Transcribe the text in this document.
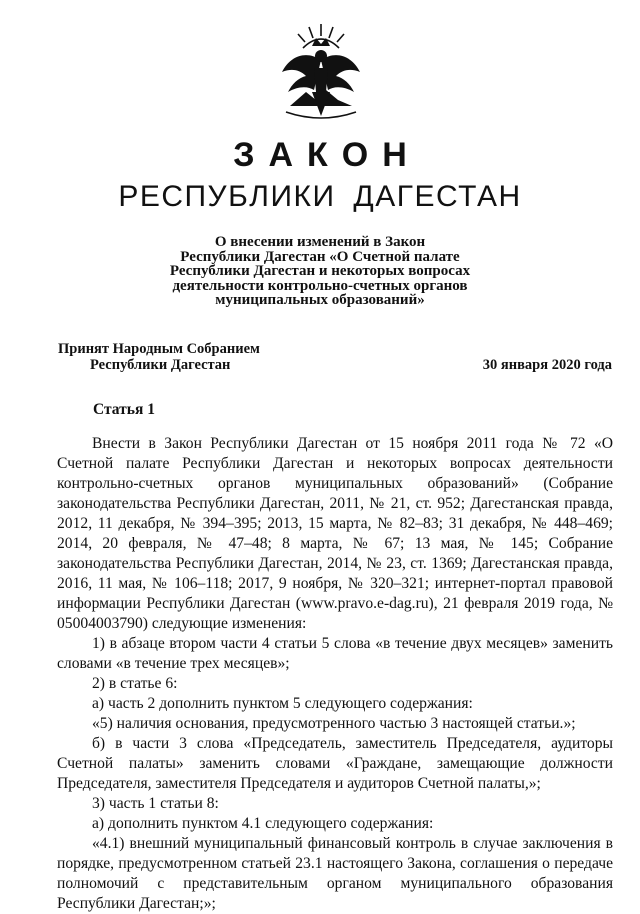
ЗАКОН
РЕСПУБЛИКИ ДАГЕСТАН
О внесении изменений в Закон
Республики Дагестан «О Счетной палате
Республики Дагестан и некоторых вопросах
деятельности контрольно-счетных органов
муниципальных образований»
Принят Народным Собранием
Республики Дагестан	30 января 2020 года
Статья 1

Внести в Закон Республики Дагестан от 15 ноября 2011 года № 72 «О Счетной палате Республики Дагестан и некоторых вопросах деятельности контрольно-счетных органов муниципальных образований» (Собрание законодательства Республики Дагестан, 2011, № 21, ст. 952; Дагестанская правда, 2012, 11 декабря, № 394–395; 2013, 15 марта, № 82–83; 31 декабря, № 448–469; 2014, 20 февраля, № 47–48; 8 марта, № 67; 13 мая, № 145; Собрание законодательства Республики Дагестан, 2014, № 23, ст. 1369; Дагестанская правда, 2016, 11 мая, № 106–118; 2017, 9 ноября, № 320–321; интернет-портал правовой информации Республики Дагестан (www.pravo.e-dag.ru), 21 февраля 2019 года, № 05004003790) следующие изменения:

1) в абзаце втором части 4 статьи 5 слова «в течение двух месяцев» заменить словами «в течение трех месяцев»;

2) в статье 6:

а) часть 2 дополнить пунктом 5 следующего содержания:

«5) наличия основания, предусмотренного частью 3 настоящей статьи.»;

б) в части 3 слова «Председатель, заместитель Председателя, аудиторы Счетной палаты» заменить словами «Граждане, замещающие должности Председателя, заместителя Председателя и аудиторов Счетной палаты,»;

3) часть 1 статьи 8:

а) дополнить пунктом 4.1 следующего содержания:

«4.1) внешний муниципальный финансовый контроль в случае заключения в порядке, предусмотренном статьей 23.1 настоящего Закона, соглашения о передаче полномочий с представительным органом муниципального образования Республики Дагестан;»;
